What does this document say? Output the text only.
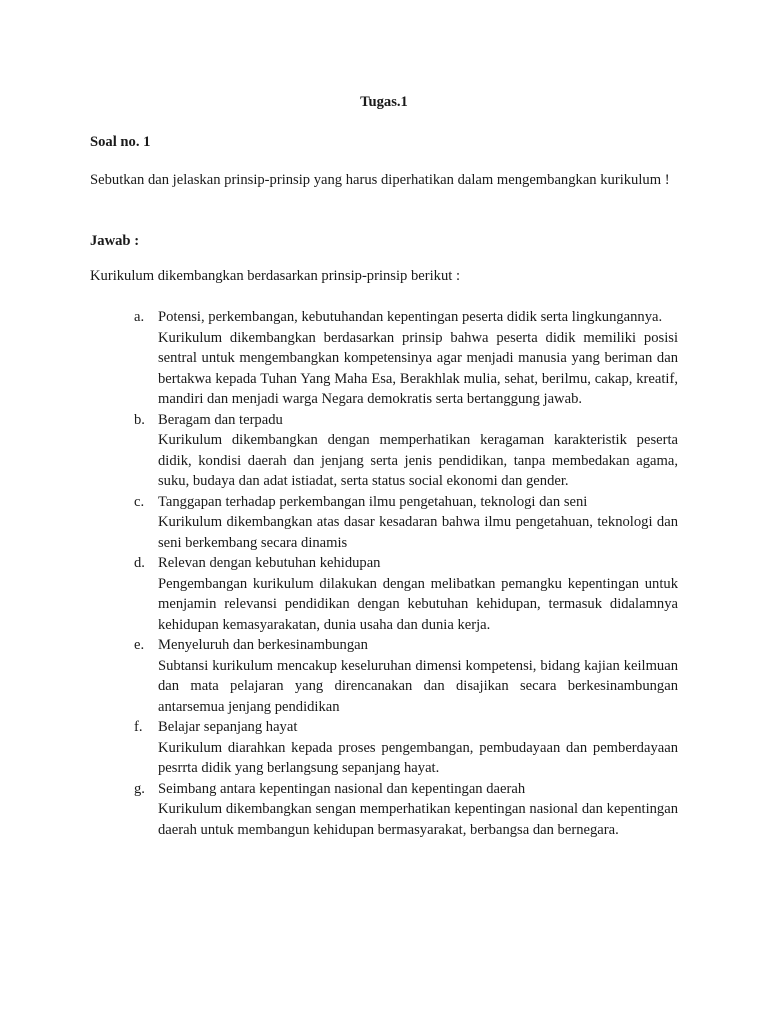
Tugas.1
Soal no. 1
Sebutkan dan jelaskan prinsip-prinsip yang harus diperhatikan dalam mengembangkan kurikulum !
Jawab :
Kurikulum dikembangkan berdasarkan prinsip-prinsip berikut :
a. Potensi, perkembangan, kebutuhandan kepentingan peserta didik serta lingkungannya.
Kurikulum dikembangkan berdasarkan prinsip bahwa peserta didik memiliki posisi sentral untuk mengembangkan kompetensinya agar menjadi manusia yang beriman dan bertakwa kepada Tuhan Yang Maha Esa, Berakhlak mulia, sehat, berilmu, cakap, kreatif, mandiri dan menjadi warga Negara demokratis serta bertanggung jawab.
b. Beragam dan terpadu
Kurikulum dikembangkan dengan memperhatikan keragaman karakteristik peserta didik, kondisi daerah dan jenjang serta jenis pendidikan, tanpa membedakan agama, suku, budaya dan adat istiadat, serta status social ekonomi dan gender.
c. Tanggapan terhadap perkembangan ilmu pengetahuan, teknologi dan seni
Kurikulum dikembangkan atas dasar kesadaran bahwa ilmu pengetahuan, teknologi dan seni berkembang secara dinamis
d. Relevan dengan kebutuhan kehidupan
Pengembangan kurikulum dilakukan dengan melibatkan pemangku kepentingan untuk menjamin relevansi pendidikan dengan kebutuhan kehidupan, termasuk didalamnya kehidupan kemasyarakatan, dunia usaha dan dunia kerja.
e. Menyeluruh dan berkesinambungan
Subtansi kurikulum mencakup keseluruhan dimensi kompetensi, bidang kajian keilmuan dan mata pelajaran yang direncanakan dan disajikan secara berkesinambungan antarsemua jenjang pendidikan
f. Belajar sepanjang hayat
Kurikulum diarahkan kepada proses pengembangan, pembudayaan dan pemberdayaan pesrrta didik yang berlangsung sepanjang hayat.
g. Seimbang antara kepentingan nasional dan kepentingan daerah
Kurikulum dikembangkan sengan memperhatikan kepentingan nasional dan kepentingan daerah untuk membangun kehidupan bermasyarakat, berbangsa dan bernegara.
